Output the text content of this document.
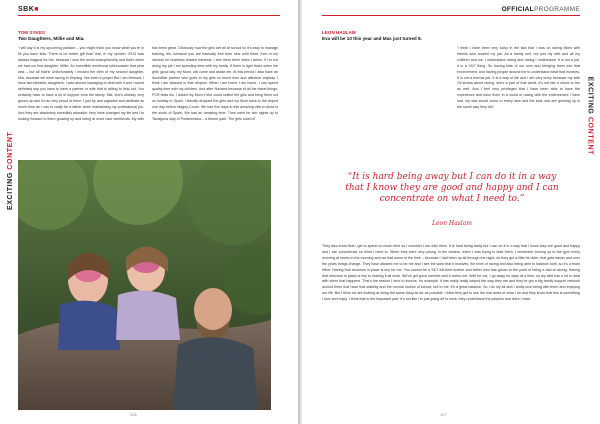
SBK■
EXCITING CONTENT
TOM SYKES
Two Daughters, Millie and Mia.

'I will say it is my upcoming passion – you might think you know what you're in till you have kids. There is no better gift than that, in my opinion. 2013 was always magical for me, because I won the world championship and that's when we had our first daughter, Millie. An incredible emotional rollercoaster that year was – but all that's! Unfortunately I missed the birth of my second daughter, Mia, because we were racing in Sepang. Not even a proper But I am blessed, I have two fantastic daughters, I was almost managing to deal with it and I would definitely say you have to have a partner or wife that is willing to help out. You certainly have to have a lot of support from the family. Mia, she's already very grown up and I'm so very proud of them. I just try and organise and dedicate as much time as I can to really be a father while maintaining my professional job. And they are absolutely incredibly adorable, they have changed my life and I'm looking forward to them growing up and being at more race weekends. My wife has been great. Obviously now the girls are all at school so it's easy to manage training, etc, because you are basically free from nine until three, then in my window for business related interests. I see them there when I arrive, if I'm not doing my job I am spending time with my family. If there is light that's when the girls' good day, my Mum, will come and assist me. At this period I also have an incredible partner who goes to my girls so much time and affection anyway. I think I am blessed in that respect. When I am home I am home. I can spend quality time with my children. And after Navarra because of all the travel things, PCR tests etc, I asked my Mum if she could collect the girls and bring them out on holiday to Spain. I literally dropped the girls and my Mum back to the airport one day before Magny-Cours. We had five days in this amazing villa in Alora in the south of Spain. We had an amazing time. Then went for two nights up to Tarragona stay in Portaventura – a theme park. The girls loved it!'

106
OFFICIALPROGRAMME
EXCITING CONTENT
LEON HASLAM
Eva will be 10 this year and Max just turned 8.

'I think I have been very lucky in the fact that I was on racing bikes with friends who shared my job. As a family unit, not just my wife and all my children and me, I understand racing and racing I understand. It is not a job, it is a 24/7 thing. So having kids of our own and bringing them into that environment, and having people around me to understand what that involves. It is not a normal job. It is a way of life and I am very lucky because my wife Oli knows about racing, she's a part of that world, it's not like a shock to her as well. And I feel very privileged that I have been able to have the experience and have them in a world of racing with the environment I have had, my dad would come to every race and the kids now are growing up in the same way they did.'

“It is hard being away but I can do it in a way that I know they are good and happy and I can concentrate on what I need to.”

Leon Haslam

They also know that I get to spend so much time so I consider I am with them. It is hard being away but I can do it in a way that I know they are good and happy and I can concentrate on what I need to. When they were very young, in the winters, when I was trying to lead them, I remember turning up to the gym every morning at seven in the morning and we had some of the time – because I had been up all through the night. As they get a little bit older, that gets easier and over the years things change. They have allowed me to be me and I see the work that it involves, the level of racing and also being able to balance both, so it's a team effort. Having that structure in place is key for me. You cannot be a 24/7 full-time mother and father who has grown to the point of being a dad at racing. Having that structure in place is key to making it all work. We've got good nannies and it works out. Well for me, I go away for days at a time, so my wife has a lot to deal with when that happens. That's the reason I tend to involve, for example. It has really really helped the way they are and they've got a big family support network around them that have that stability and the normal routine of school, but to me, it's a great balance. So I do my bit and I really love being with them and enjoying our life. But I think we are looking at doing the same thing as far as possible. I think they get to see the real sides of what I do and they know that this is something I love and enjoy. I think that is the important part. It's not like I'm just going off to work; they understand the passion and drive I have.

107
